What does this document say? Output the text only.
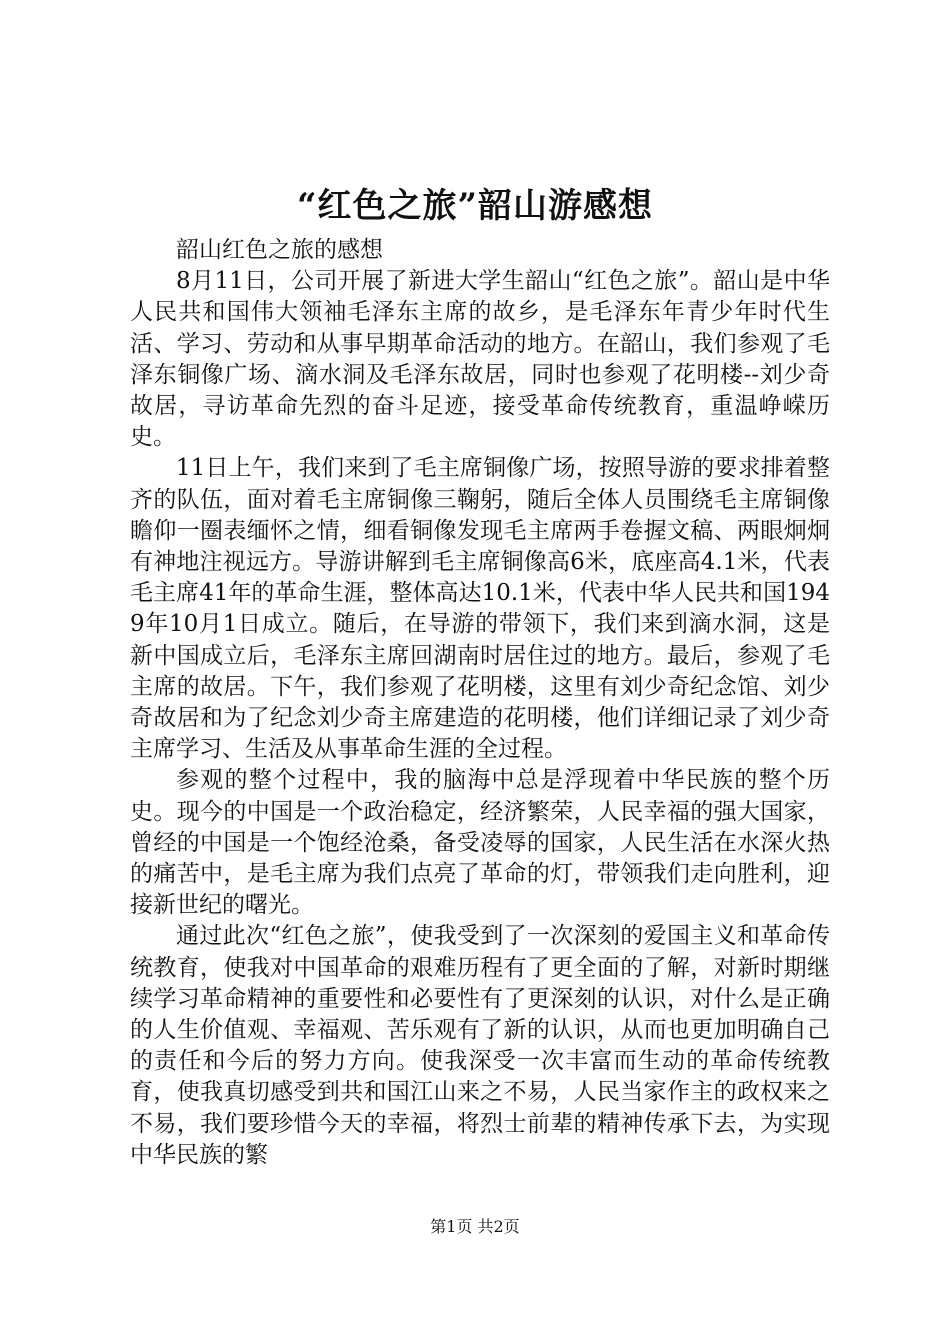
“红色之旅”韶山游感想

韶山红色之旅的感想

8月11日，公司开展了新进大学生韶山“红色之旅”。韶山是中华人民共和国伟大领袖毛泽东主席的故乡，是毛泽东年青少年时代生活、学习、劳动和从事早期革命活动的地方。在韶山，我们参观了毛泽东铜像广场、滴水洞及毛泽东故居，同时也参观了花明楼--刘少奇故居，寻访革命先烈的奋斗足迹，接受革命传统教育，重温峥嵘历史。

11日上午，我们来到了毛主席铜像广场，按照导游的要求排着整齐的队伍，面对着毛主席铜像三鞠躬，随后全体人员围绕毛主席铜像瞻仰一圈表缅怀之情，细看铜像发现毛主席两手卷握文稿、两眼炯炯有神地注视远方。导游讲解到毛主席铜像高6米，底座高4.1米，代表毛主席41年的革命生涯，整体高达10.1米，代表中华人民共和国1949年10月1日成立。随后，在导游的带领下，我们来到滴水洞，这是新中国成立后，毛泽东主席回湖南时居住过的地方。最后，参观了毛主席的故居。下午，我们参观了花明楼，这里有刘少奇纪念馆、刘少奇故居和为了纪念刘少奇主席建造的花明楼，他们详细记录了刘少奇主席学习、生活及从事革命生涯的全过程。

参观的整个过程中，我的脑海中总是浮现着中华民族的整个历史。现今的中国是一个政治稳定，经济繁荣，人民幸福的强大国家，曾经的中国是一个饱经沧桑，备受凌辱的国家，人民生活在水深火热的痛苦中，是毛主席为我们点亮了革命的灯，带领我们走向胜利，迎接新世纪的曙光。

通过此次“红色之旅”，使我受到了一次深刻的爱国主义和革命传统教育，使我对中国革命的艰难历程有了更全面的了解，对新时期继续学习革命精神的重要性和必要性有了更深刻的认识，对什么是正确的人生价值观、幸福观、苦乐观有了新的认识，从而也更加明确自己的责任和今后的努力方向。使我深受一次丰富而生动的革命传统教育，使我真切感受到共和国江山来之不易，人民当家作主的政权来之不易，我们要珍惜今天的幸福，将烈士前辈的精神传承下去，为实现中华民族的繁

第1页 共2页
